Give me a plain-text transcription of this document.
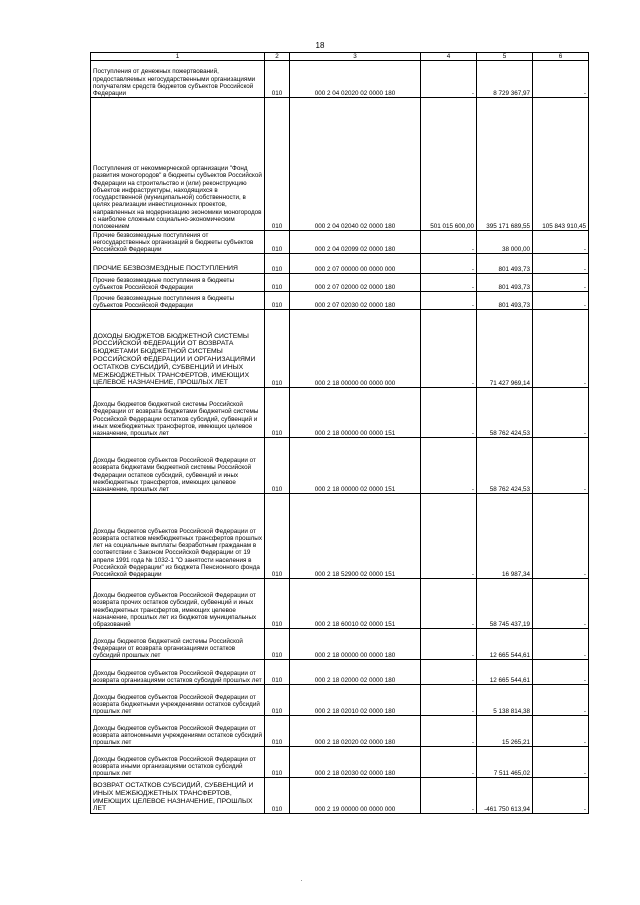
18
1	2	3	4	5	6
Поступления от денежных пожертвований, предоставляемых негосударственными организациями получателям средств бюджетов субъектов Российской Федерации	010	000 2 04 02020 02 0000 180	-	8 729 367,97	-
Поступления от некоммерческой организации "Фонд развития моногородов" в бюджеты субъектов Российской Федерации на строительство и (или) реконструкцию объектов инфраструктуры, находящихся в государственной (муниципальной) собственности, в целях реализации инвестиционных проектов, направленных на модернизацию экономики моногородов с наиболее сложным социально-экономическим положением	010	000 2 04 02040 02 0000 180	501 015 600,00	395 171 689,55	105 843 910,45
Прочие безвозмездные поступления от негосударственных организаций в бюджеты субъектов Российской Федерации	010	000 2 04 02099 02 0000 180	-	38 000,00	-
ПРОЧИЕ БЕЗВОЗМЕЗДНЫЕ ПОСТУПЛЕНИЯ	010	000 2 07 00000 00 0000 000	-	801 493,73	-
Прочие безвозмездные поступления в бюджеты субъектов Российской Федерации	010	000 2 07 02000 02 0000 180	-	801 493,73	-
Прочие безвозмездные поступления в бюджеты субъектов Российской Федерации	010	000 2 07 02030 02 0000 180	-	801 493,73	-
ДОХОДЫ БЮДЖЕТОВ БЮДЖЕТНОЙ СИСТЕМЫ РОССИЙСКОЙ ФЕДЕРАЦИИ ОТ ВОЗВРАТА БЮДЖЕТАМИ БЮДЖЕТНОЙ СИСТЕМЫ РОССИЙСКОЙ ФЕДЕРАЦИИ И ОРГАНИЗАЦИЯМИ ОСТАТКОВ СУБСИДИЙ, СУБВЕНЦИЙ И ИНЫХ МЕЖБЮДЖЕТНЫХ ТРАНСФЕРТОВ, ИМЕЮЩИХ ЦЕЛЕВОЕ НАЗНАЧЕНИЕ, ПРОШЛЫХ ЛЕТ	010	000 2 18 00000 00 0000 000	-	71 427 969,14	-
Доходы бюджетов бюджетной системы Российской Федерации от возврата бюджетами бюджетной системы Российской Федерации остатков субсидий, субвенций и иных межбюджетных трансфертов, имеющих целевое назначение, прошлых лет	010	000 2 18 00000 00 0000 151	-	58 762 424,53	-
Доходы бюджетов субъектов Российской Федерации от возврата бюджетами бюджетной системы Российской Федерации остатков субсидий, субвенций и иных межбюджетных трансфертов, имеющих целевое назначение, прошлых лет	010	000 2 18 00000 02 0000 151	-	58 762 424,53	-
Доходы бюджетов субъектов Российской Федерации от возврата остатков межбюджетных трансфертов прошлых лет на социальные выплаты безработным гражданам в соответствии с Законом Российской Федерации от 19 апреля 1991 года № 1032-1 "О занятости населения в Российской Федерации" из бюджета Пенсионного фонда Российской Федерации	010	000 2 18 52900 02 0000 151	-	16 987,34	-
Доходы бюджетов субъектов Российской Федерации от возврата прочих остатков субсидий, субвенций и иных межбюджетных трансфертов, имеющих целевое назначение, прошлых лет из бюджетов муниципальных образований	010	000 2 18 60010 02 0000 151	-	58 745 437,19	-
Доходы бюджетов бюджетной системы Российской Федерации от возврата организациями остатков субсидий прошлых лет	010	000 2 18 00000 00 0000 180	-	12 665 544,61	-
Доходы бюджетов субъектов Российской Федерации от возврата организациями остатков субсидий прошлых лет	010	000 2 18 02000 02 0000 180	-	12 665 544,61	-
Доходы бюджетов субъектов Российской Федерации от возврата бюджетными учреждениями остатков субсидий прошлых лет	010	000 2 18 02010 02 0000 180	-	5 138 814,38	-
Доходы бюджетов субъектов Российской Федерации от возврата автономными учреждениями остатков субсидий прошлых лет	010	000 2 18 02020 02 0000 180	-	15 265,21	-
Доходы бюджетов субъектов Российской Федерации от возврата иными организациями остатков субсидий прошлых лет	010	000 2 18 02030 02 0000 180	-	7 511 465,02	-
ВОЗВРАТ ОСТАТКОВ СУБСИДИЙ, СУБВЕНЦИЙ И ИНЫХ МЕЖБЮДЖЕТНЫХ ТРАНСФЕРТОВ, ИМЕЮЩИХ ЦЕЛЕВОЕ НАЗНАЧЕНИЕ, ПРОШЛЫХ ЛЕТ	010	000 2 19 00000 00 0000 000	-	-461 750 613,94	-
